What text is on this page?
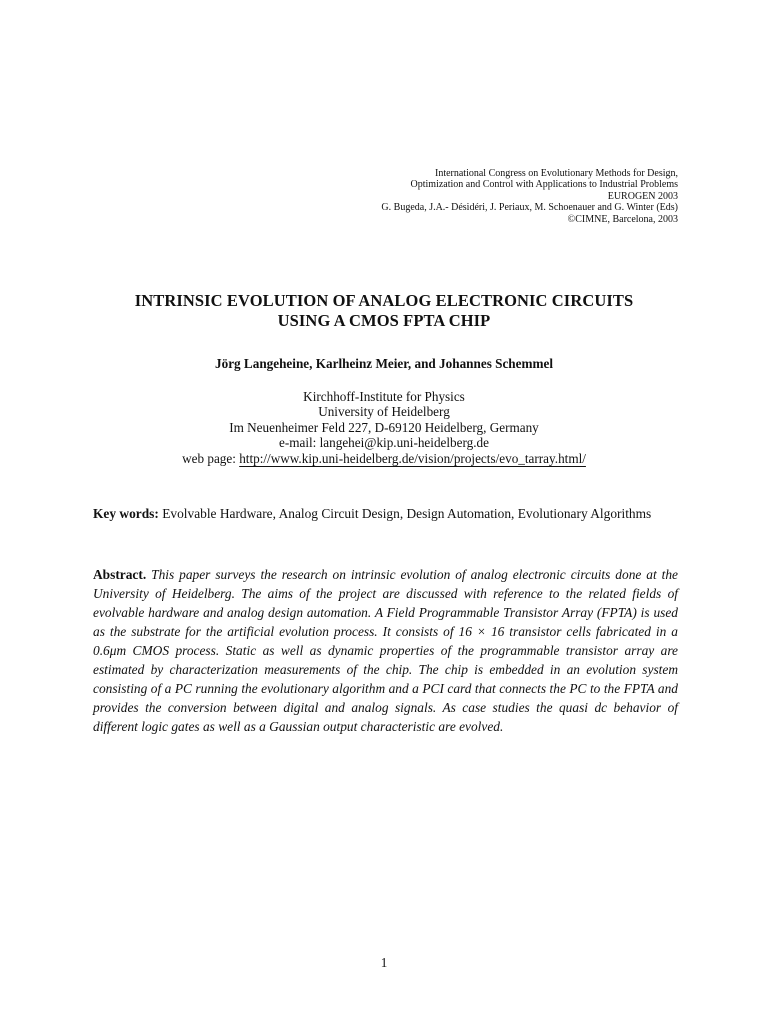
International Congress on Evolutionary Methods for Design,
Optimization and Control with Applications to Industrial Problems
EUROGEN 2003
G. Bugeda, J.A.- Désidéri, J. Periaux, M. Schoenauer and G. Winter (Eds)
©CIMNE, Barcelona, 2003
INTRINSIC EVOLUTION OF ANALOG ELECTRONIC CIRCUITS
USING A CMOS FPTA CHIP
Jörg Langeheine, Karlheinz Meier, and Johannes Schemmel
Kirchhoff-Institute for Physics
University of Heidelberg
Im Neuenheimer Feld 227, D-69120 Heidelberg, Germany
e-mail: langehei@kip.uni-heidelberg.de
web page: http://www.kip.uni-heidelberg.de/vision/projects/evo_tarray.html/
Key words: Evolvable Hardware, Analog Circuit Design, Design Automation, Evolutionary Algorithms
Abstract. This paper surveys the research on intrinsic evolution of analog electronic circuits done at the University of Heidelberg. The aims of the project are discussed with reference to the related fields of evolvable hardware and analog design automation. A Field Programmable Transistor Array (FPTA) is used as the substrate for the artificial evolution process. It consists of 16 × 16 transistor cells fabricated in a 0.6μm CMOS process. Static as well as dynamic properties of the programmable transistor array are estimated by characterization measurements of the chip. The chip is embedded in an evolution system consisting of a PC running the evolutionary algorithm and a PCI card that connects the PC to the FPTA and provides the conversion between digital and analog signals. As case studies the quasi dc behavior of different logic gates as well as a Gaussian output characteristic are evolved.
1
